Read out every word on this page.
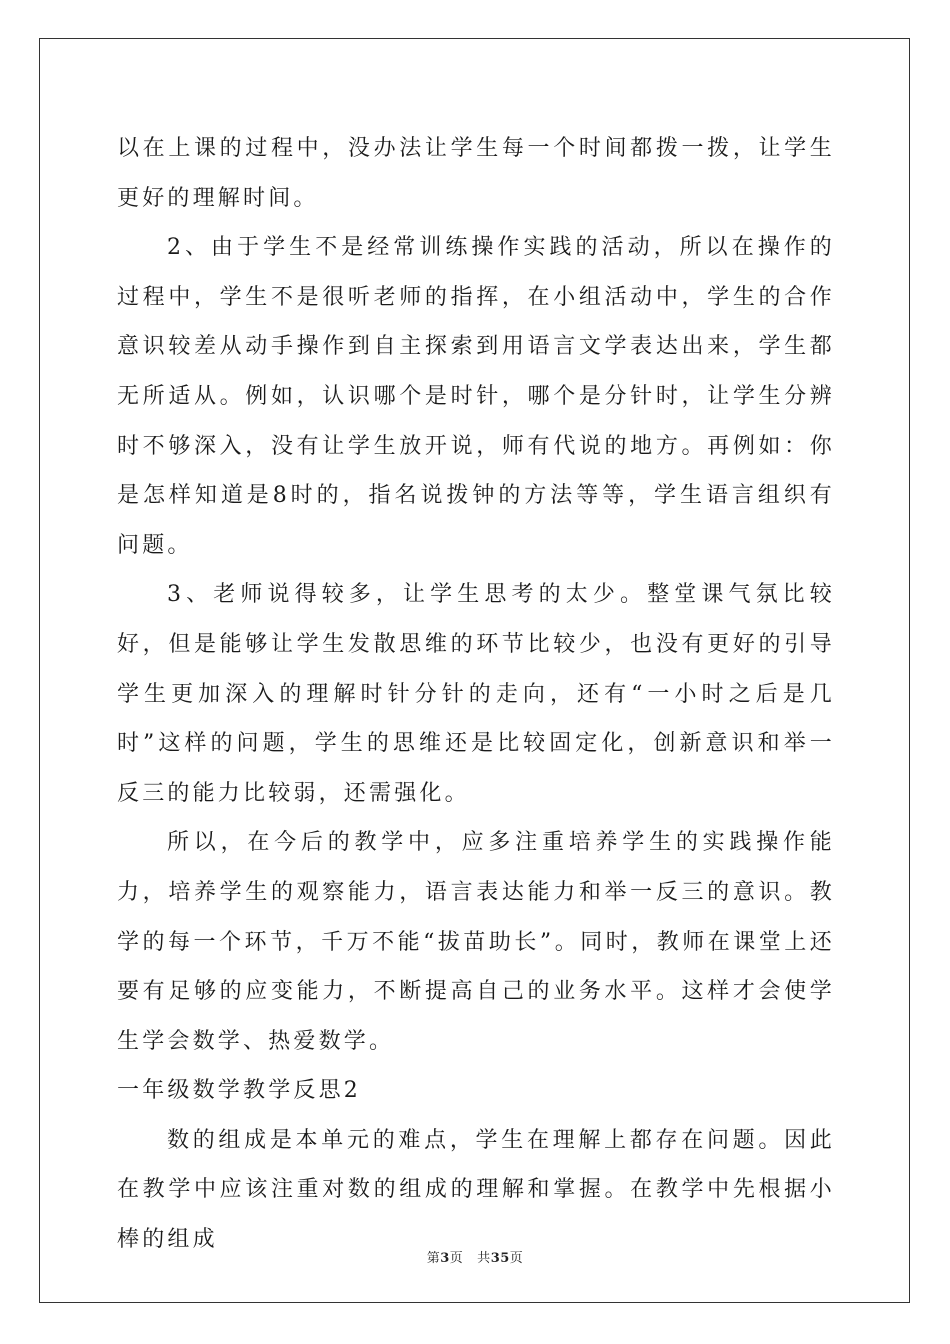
以在上课的过程中，没办法让学生每一个时间都拨一拨，让学生更好的理解时间。

2、由于学生不是经常训练操作实践的活动，所以在操作的过程中，学生不是很听老师的指挥，在小组活动中，学生的合作意识较差从动手操作到自主探索到用语言文学表达出来，学生都无所适从。例如，认识哪个是时针，哪个是分针时，让学生分辨时不够深入，没有让学生放开说，师有代说的地方。再例如：你是怎样知道是8时的，指名说拨钟的方法等等，学生语言组织有问题。

3、老师说得较多，让学生思考的太少。整堂课气氛比较好，但是能够让学生发散思维的环节比较少，也没有更好的引导学生更加深入的理解时针分针的走向，还有“一小时之后是几时”这样的问题，学生的思维还是比较固定化，创新意识和举一反三的能力比较弱，还需强化。

所以，在今后的教学中，应多注重培养学生的实践操作能力，培养学生的观察能力，语言表达能力和举一反三的意识。教学的每一个环节，千万不能“拔苗助长”。同时，教师在课堂上还要有足够的应变能力，不断提高自己的业务水平。这样才会使学生学会数学、热爱数学。

一年级数学教学反思2

数的组成是本单元的难点，学生在理解上都存在问题。因此在教学中应该注重对数的组成的理解和掌握。在教学中先根据小棒的组成

第3页 共35页
